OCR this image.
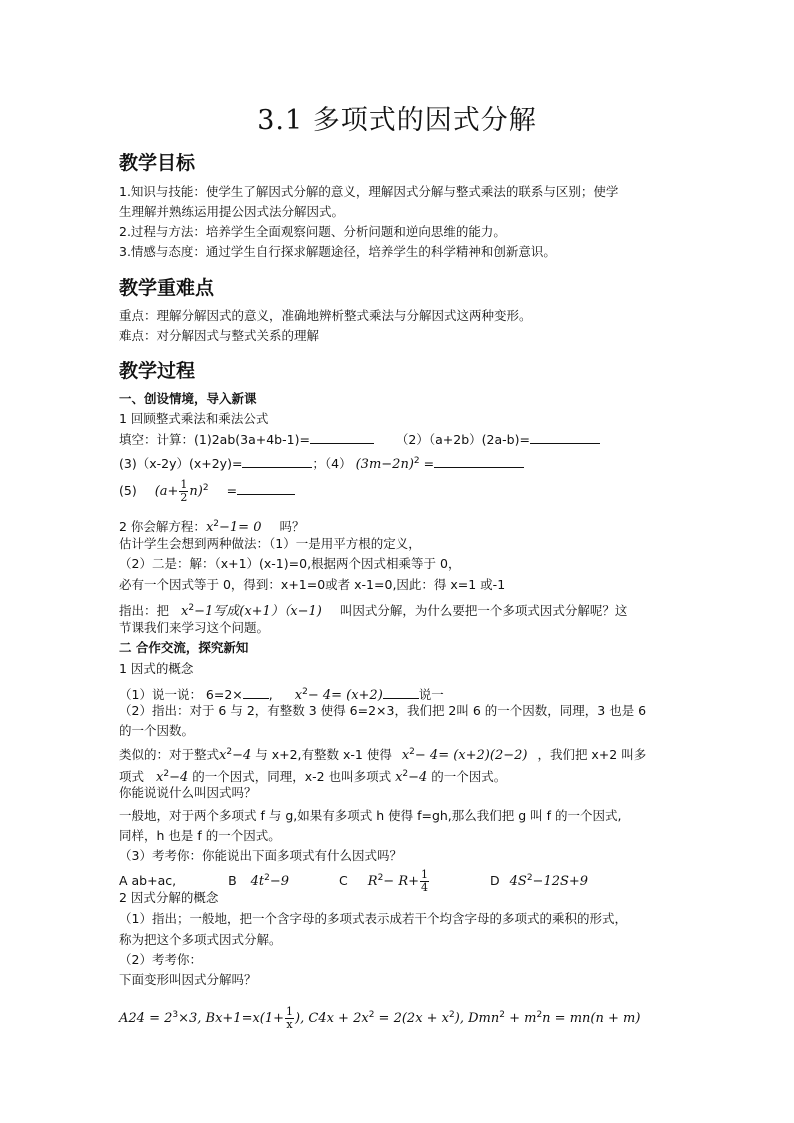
3.1 多项式的因式分解
教学目标
1.知识与技能：使学生了解因式分解的意义，理解因式分解与整式乘法的联系与区别；使学
生理解并熟练运用提公因式法分解因式。
2.过程与方法：培养学生全面观察问题、分析问题和逆向思维的能力。
3.情感与态度：通过学生自行探求解题途径，培养学生的科学精神和创新意识。
教学重难点
重点：理解分解因式的意义，准确地辨析整式乘法与分解因式这两种变形。
难点：对分解因式与整式关系的理解
教学过程
一、创设情境，导入新课
1 回顾整式乘法和乘法公式
填空：计算：(1)2ab(3a+4b-1)=	（2）（a+2b）(2a-b)=
(3)（x-2y）(x+2y)=	；（4） $(3m-2n)^2$ =
(5) $(a+ \frac{1}{2} n)^2$ =
2 你会解方程：$x^2-1= 0$ 吗？
估计学生会想到两种做法：（1）一是用平方根的定义，
（2）二是：解：（x+1）(x-1)=0,根据两个因式相乘等于 0，
必有一个因式等于 0，得到：x+1=0或者 x-1=0,因此：得 x=1 或-1
指出：把 $x^2-1$写成(x+1）（x−1) 叫因式分解，为什么要把一个多项式因式分解呢？这
节课我们来学习这个问题。
二 合作交流，探究新知
1 因式的概念
（1）说一说： 6=2× , $x^2- 4= (x+2)$	说一
（2）指出：对于 6 与 2，有整数 3 使得 6=2×3，我们把 2叫 6 的一个因数，同理，3 也是 6
的一个因数。
类似的：对于整式$x^2-4$ 与 x+2,有整数 x-1 使得 $x^2- 4= (x+2)(2-2)$ ，我们把 x+2 叫多
项式 $x^2-4$ 的一个因式，同理，x-2 也叫多项式 $x^2-4$ 的一个因式。
你能说说什么叫因式吗？
一般地，对于两个多项式 f 与 g,如果有多项式 h 使得 f=gh,那么我们把 g 叫 f 的一个因式,
同样，h 也是 f 的一个因式。
（3）考考你：你能说出下面多项式有什么因式吗？
A ab+ac,	B $4t^2-9$	C $R^2- R+ \frac{1}{4}$	D $4S^2-12S+9$
2 因式分解的概念
（1）指出；一般地，把一个含字母的多项式表示成若干个均含字母的多项式的乘积的形式，
称为把这个多项式因式分解。
（2）考考你：
下面变形叫因式分解吗？
$A24 = 2^3\times 3$, $Bx+1=x(1+ \frac{1}{x}$ ), $C4x + 2x^2 = 2(2x + x^2)$, $Dmn^2 + m^2n = mn(n + m)$
